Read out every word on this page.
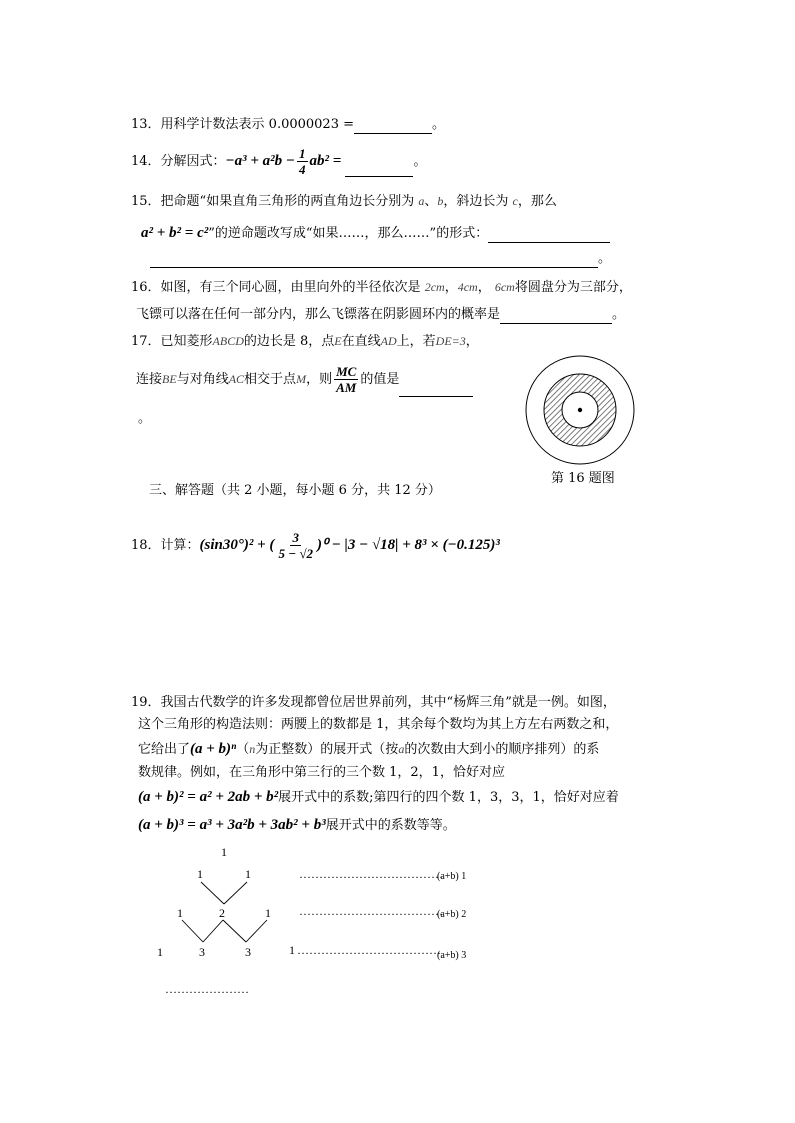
13．用科学计数法表示 0.0000023 =	。
14．分解因式：$-a^3 + a^2b - \frac{1}{4} ab^2$ =	。
15．把命题“如果直角三角形的两直角边长分别为 a、b，斜边长为 c，那么
a² + b² = c²”的逆命题改写成“如果……，那么……”的形式：
。
16．如图，有三个同心圆，由里向外的半径依次是 2cm，4cm， 6cm将圆盘分为三部分，
飞镖可以落在任何一部分内，那么飞镖落在阴影圆环内的概率是	。
17．已知菱形ABCD的边长是 8，点E在直线AD上，若DE=3，
连接BE与对角线AC相交于点M，则 $\frac{MC}{AM}$ 的值是
。
第 16 题图
三、解答题（共 2 小题，每小题 6 分，共 12 分）
18．计算：(sin30°)² + ( $\frac{3}{5 - √2} )^0 - |3 - √18| + 8^3 \times (-0.125)^3$
19．我国古代数学的许多发现都曾位居世界前列，其中“杨辉三角”就是一例。如图，
这个三角形的构造法则：两腰上的数都是 1，其余每个数均为其上方左右两数之和，
它给出了(a + b)ⁿ（n为正整数）的展开式（按a的次数由大到小的顺序排列）的系
数规律。例如，在三角形中第三行的三个数 1，2，1，恰好对应
(a + b)² = a² + 2ab + b²展开式中的系数;第四行的四个数 1，3，3，1，恰好对应着
(a + b)³ = a³ + 3a²b + 3ab² + b³展开式中的系数等等。
1
1	1	………………………………
(a+b) 1
1	2	1 ………………………………
(a+b) 2
1	3	3	1 ………………………………
(a+b) 3
…………………
